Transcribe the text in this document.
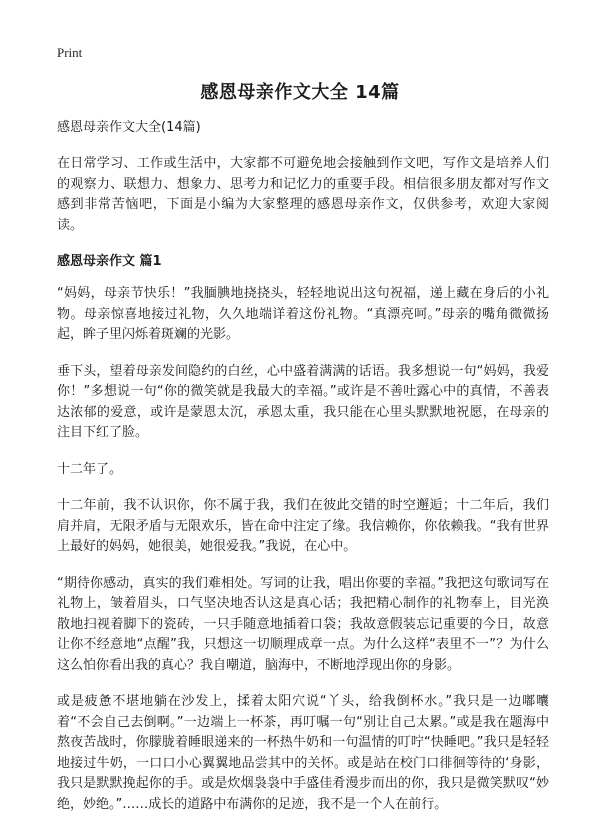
Print
感恩母亲作文大全 14篇

感恩母亲作文大全(14篇)

在日常学习、工作或生活中，大家都不可避免地会接触到作文吧，写作文是培养人们的观察力、联想力、想象力、思考力和记忆力的重要手段。相信很多朋友都对写作文感到非常苦恼吧，下面是小编为大家整理的感恩母亲作文，仅供参考，欢迎大家阅读。

感恩母亲作文 篇1

“妈妈，母亲节快乐！”我腼腆地挠挠头，轻轻地说出这句祝福，递上藏在身后的小礼物。母亲惊喜地接过礼物，久久地端详着这份礼物。“真漂亮呵。”母亲的嘴角微微扬起，眸子里闪烁着斑斓的光影。

垂下头，望着母亲发间隐约的白丝，心中盛着满满的话语。我多想说一句“妈妈，我爱你！”多想说一句“你的微笑就是我最大的幸福。”或许是不善吐露心中的真情，不善表达浓郁的爱意，或许是蒙恩太沉，承恩太重，我只能在心里头默默地祝愿，在母亲的注目下红了脸。

十二年了。

十二年前，我不认识你，你不属于我，我们在彼此交错的时空邂逅；十二年后，我们肩并肩，无限矛盾与无限欢乐，皆在命中注定了缘。我信赖你，你依赖我。“我有世界上最好的妈妈，她很美，她很爱我。”我说，在心中。

“期待你感动，真实的我们难相处。写词的让我，唱出你要的幸福。”我把这句歌词写在礼物上，皱着眉头，口气坚决地否认这是真心话；我把精心制作的礼物奉上，目光涣散地扫视着脚下的瓷砖，一只手随意地插着口袋；我故意假装忘记重要的今日，故意让你不经意地“点醒”我，只想这一切顺理成章一点。为什么这样“表里不一”？为什么这么怕你看出我的真心？我自嘲道，脑海中，不断地浮现出你的身影。

或是疲惫不堪地躺在沙发上，揉着太阳穴说“丫头，给我倒杯水。”我只是一边嘟囔着“不会自己去倒啊。”一边端上一杯茶，再叮嘱一句“别让自己太累。”或是我在题海中熬夜苦战时，你朦胧着睡眼递来的一杯热牛奶和一句温情的叮咛“快睡吧。”我只是轻轻地接过牛奶，一口口小心翼翼地品尝其中的关怀。或是站在校门口徘徊等待的‘身影，我只是默默挽起你的手。或是炊烟袅袅中手盛佳肴漫步而出的你，我只是微笑默叹“妙绝，妙绝。”……成长的道路中布满你的足迹，我不是一个人在前行。
